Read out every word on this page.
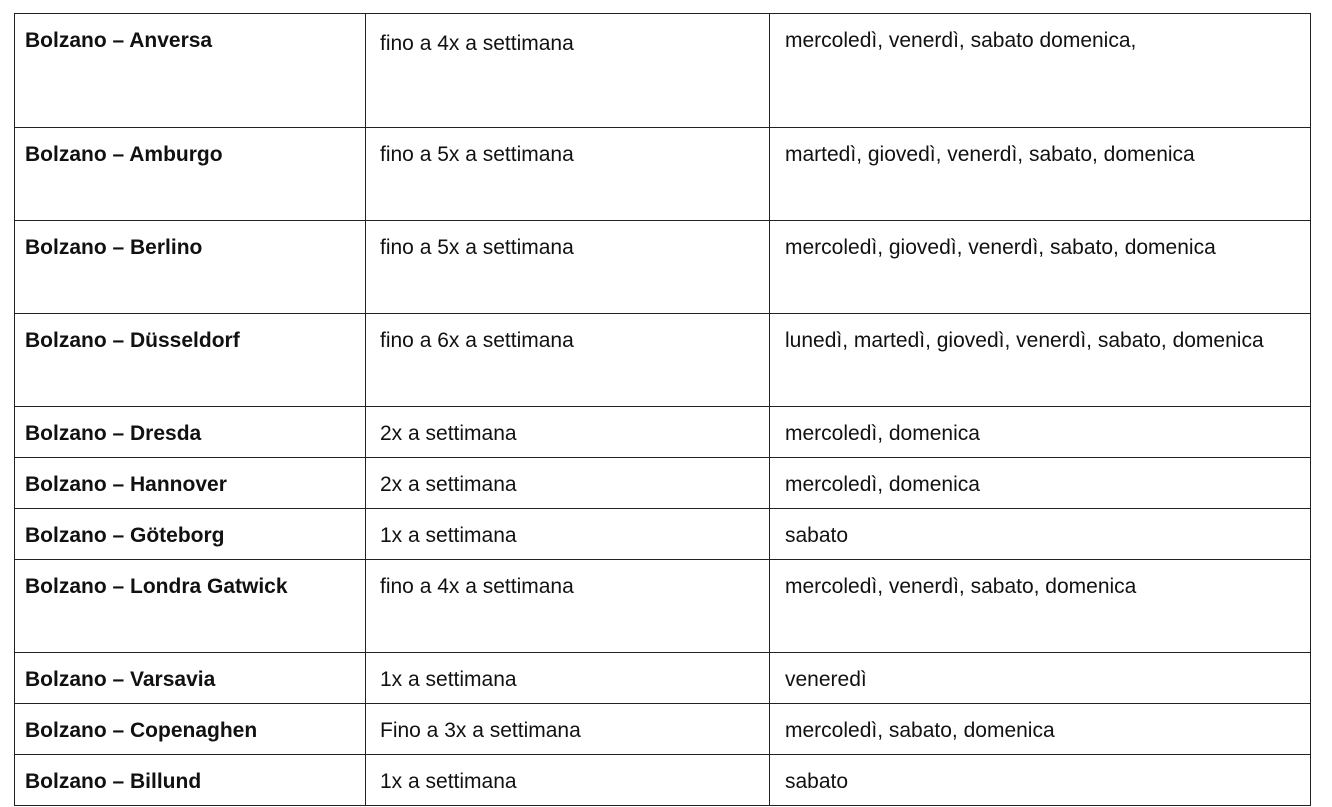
Bolzano – Anversa	fino a 4x a settimana	mercoledì, venerdì, sabato domenica,
Bolzano – Amburgo	fino a 5x a settimana	martedì, giovedì, venerdì, sabato, domenica
Bolzano – Berlino	fino a 5x a settimana	mercoledì, giovedì, venerdì, sabato, domenica
Bolzano – Düsseldorf	fino a 6x a settimana	lunedì, martedì, giovedì, venerdì, sabato, domenica
Bolzano – Dresda	2x a settimana	mercoledì, domenica
Bolzano – Hannover	2x a settimana	mercoledì, domenica
Bolzano – Göteborg	1x a settimana	sabato
Bolzano – Londra Gatwick	fino a 4x a settimana	mercoledì, venerdì, sabato, domenica
Bolzano – Varsavia	1x a settimana	veneredì
Bolzano – Copenaghen	Fino a 3x a settimana	mercoledì, sabato, domenica
Bolzano – Billund	1x a settimana	sabato
